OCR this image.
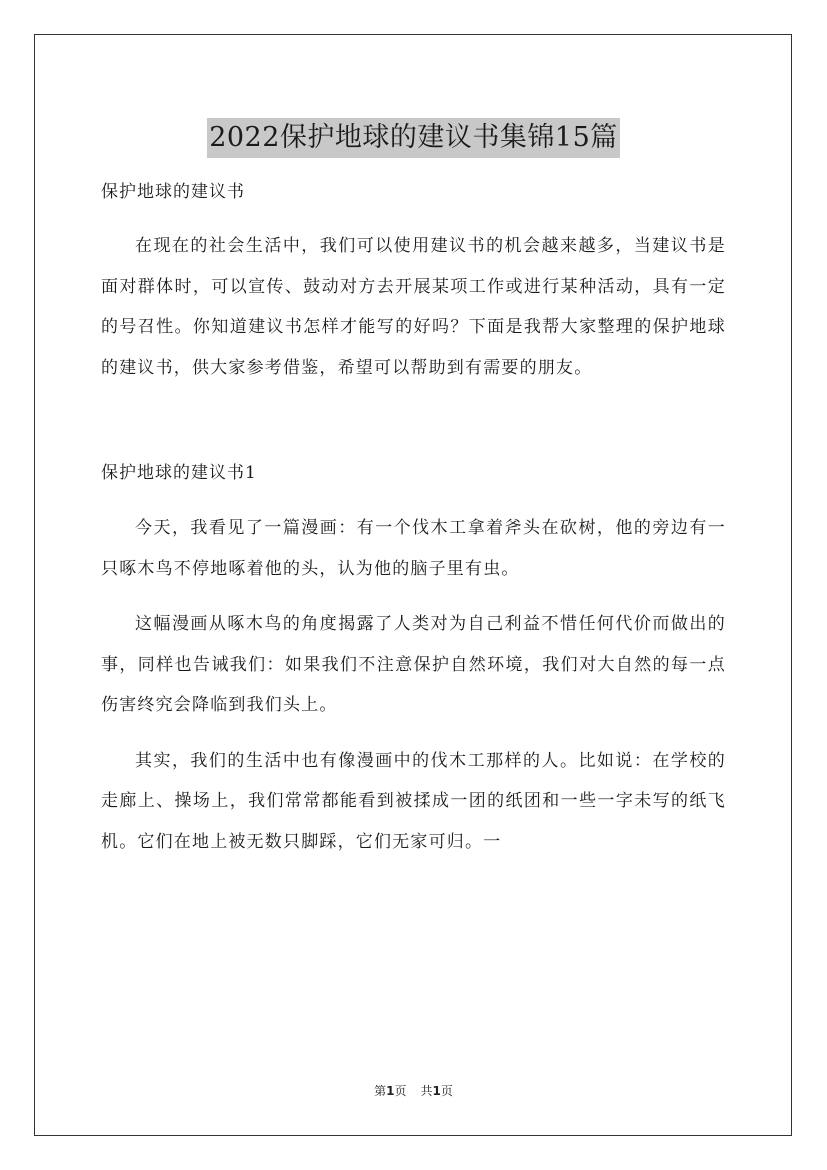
2022保护地球的建议书集锦15篇

保护地球的建议书

在现在的社会生活中，我们可以使用建议书的机会越来越多，当建议书是面对群体时，可以宣传、鼓动对方去开展某项工作或进行某种活动，具有一定的号召性。你知道建议书怎样才能写的好吗？下面是我帮大家整理的保护地球的建议书，供大家参考借鉴，希望可以帮助到有需要的朋友。

保护地球的建议书1

今天，我看见了一篇漫画：有一个伐木工拿着斧头在砍树，他的旁边有一只啄木鸟不停地啄着他的头，认为他的脑子里有虫。

这幅漫画从啄木鸟的角度揭露了人类对为自己利益不惜任何代价而做出的事，同样也告诫我们：如果我们不注意保护自然环境，我们对大自然的每一点伤害终究会降临到我们头上。

其实，我们的生活中也有像漫画中的伐木工那样的人。比如说：在学校的走廊上、操场上，我们常常都能看到被揉成一团的纸团和一些一字未写的纸飞机。它们在地上被无数只脚踩，它们无家可归。一

第1页 共1页
